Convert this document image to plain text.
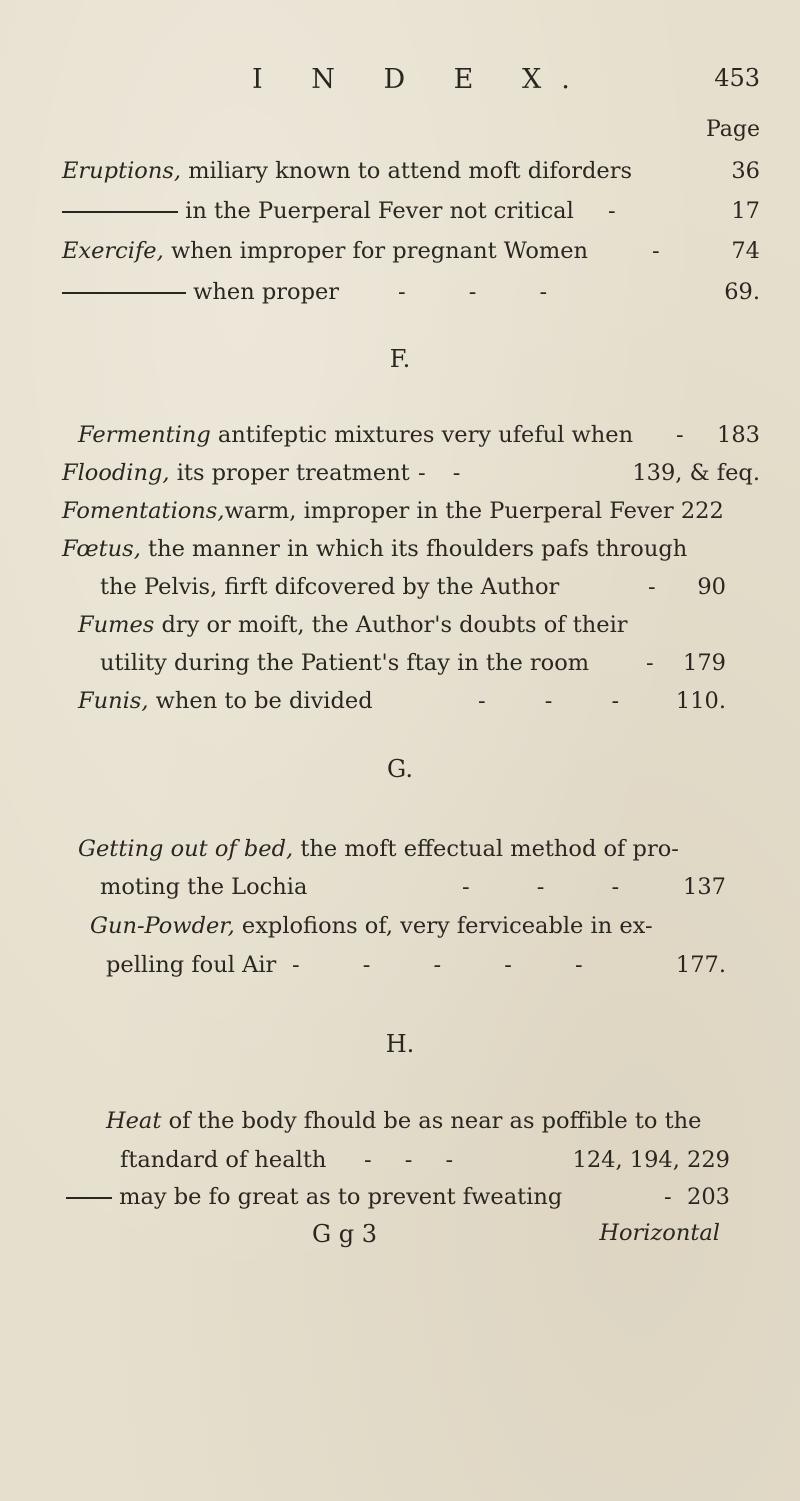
I N D E X.	453
Page
Eruptions, miliary known to attend moft diforders	36
in the Puerperal Fever not critical -	17
Exercife, when improper for pregnant Women	-	74
when proper	- - -	69.
F.
Fermenting antifeptic mixtures very ufeful when - 183
Flooding, its proper treatment - -	139, & feq.
Fomentations,warm, improper in the Puerperal Fever 222
Fœtus, the manner in which its fhoulders pafs through
the Pelvis, firft difcovered by the Author	- 90
Fumes dry or moift, the Author's doubts of their
utility during the Patient's ftay in the room	- 179
Funis, when to be divided	- - -	110.
G.
Getting out of bed, the moft effectual method of pro-
moting the Lochia	- - -	137
Gun-Powder, explofions of, very ferviceable in ex-
pelling foul Air - - - - -	177.
H.
Heat of the body fhould be as near as poffible to the
ftandard of health - - -	124, 194, 229
may be fo great as to prevent fweating	- 203
G g 3	Horizontal
